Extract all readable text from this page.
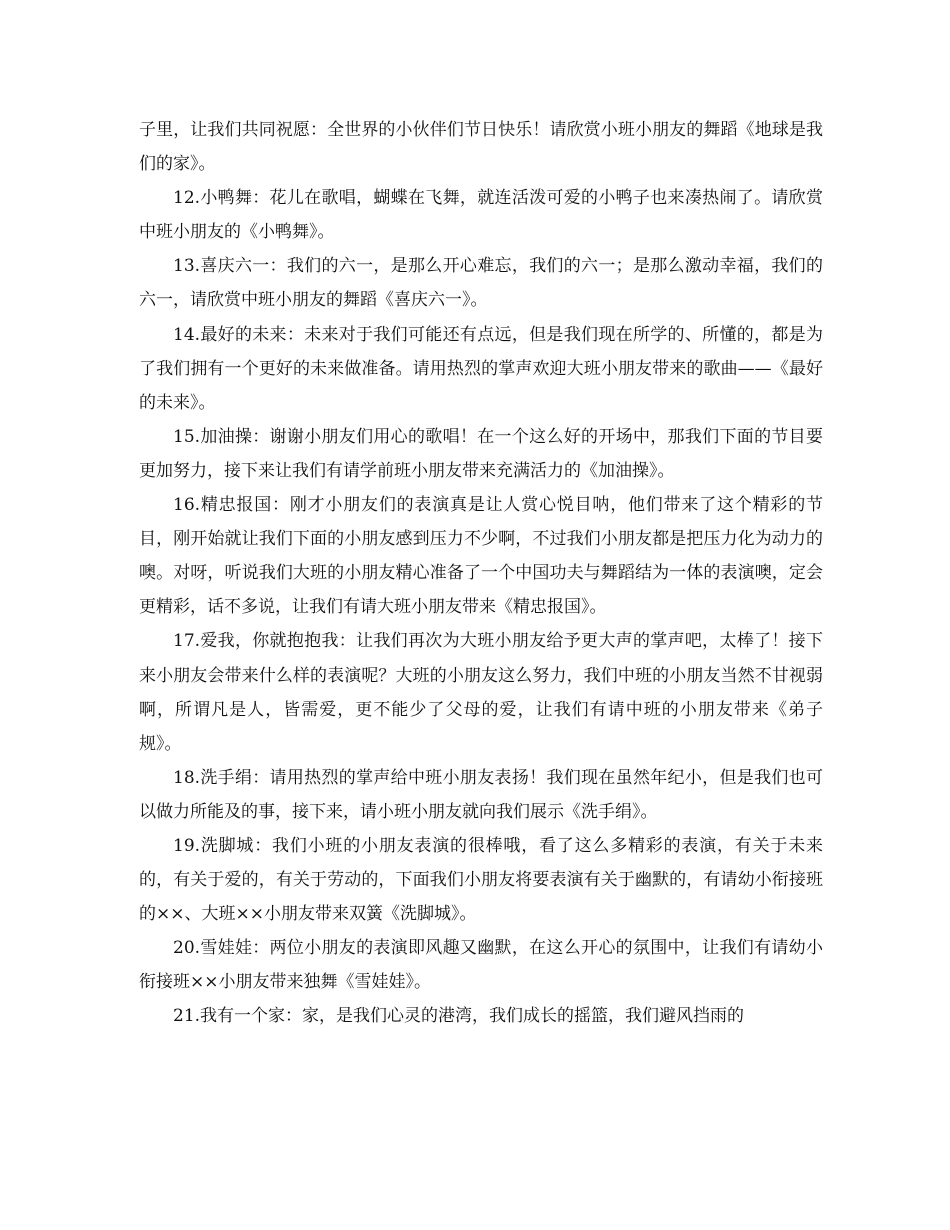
子里，让我们共同祝愿：全世界的小伙伴们节日快乐！请欣赏小班小朋友的舞蹈《地球是我们的家》。

12.小鸭舞：花儿在歌唱，蝴蝶在飞舞，就连活泼可爱的小鸭子也来凑热闹了。请欣赏中班小朋友的《小鸭舞》。

13.喜庆六一：我们的六一，是那么开心难忘，我们的六一；是那么激动幸福，我们的六一，请欣赏中班小朋友的舞蹈《喜庆六一》。

14.最好的未来：未来对于我们可能还有点远，但是我们现在所学的、所懂的，都是为了我们拥有一个更好的未来做准备。请用热烈的掌声欢迎大班小朋友带来的歌曲——《最好的未来》。

15.加油操：谢谢小朋友们用心的歌唱！在一个这么好的开场中，那我们下面的节目要更加努力，接下来让我们有请学前班小朋友带来充满活力的《加油操》。

16.精忠报国：刚才小朋友们的表演真是让人赏心悦目呐，他们带来了这个精彩的节目，刚开始就让我们下面的小朋友感到压力不少啊，不过我们小朋友都是把压力化为动力的噢。对呀，听说我们大班的小朋友精心准备了一个中国功夫与舞蹈结为一体的表演噢，定会更精彩，话不多说，让我们有请大班小朋友带来《精忠报国》。

17.爱我，你就抱抱我：让我们再次为大班小朋友给予更大声的掌声吧，太棒了！接下来小朋友会带来什么样的表演呢？大班的小朋友这么努力，我们中班的小朋友当然不甘视弱啊，所谓凡是人，皆需爱，更不能少了父母的爱，让我们有请中班的小朋友带来《弟子规》。

18.洗手绢：请用热烈的掌声给中班小朋友表扬！我们现在虽然年纪小，但是我们也可以做力所能及的事，接下来，请小班小朋友就向我们展示《洗手绢》。

19.洗脚城：我们小班的小朋友表演的很棒哦，看了这么多精彩的表演，有关于未来的，有关于爱的，有关于劳动的，下面我们小朋友将要表演有关于幽默的，有请幼小衔接班的××、大班××小朋友带来双簧《洗脚城》。

20.雪娃娃：两位小朋友的表演即风趣又幽默，在这么开心的氛围中，让我们有请幼小衔接班××小朋友带来独舞《雪娃娃》。

21.我有一个家：家，是我们心灵的港湾，我们成长的摇篮，我们避风挡雨的
